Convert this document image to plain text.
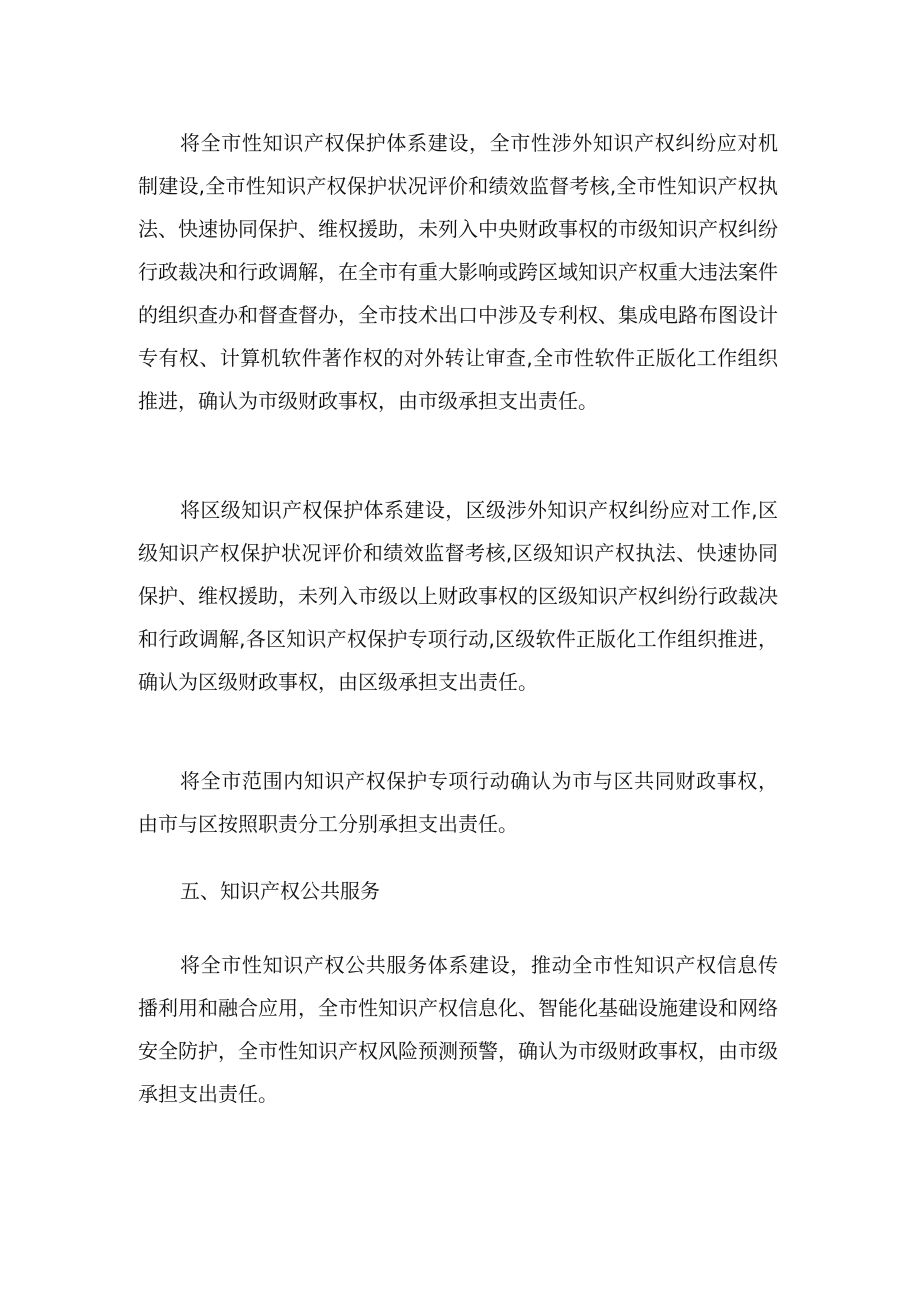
将全市性知识产权保护体系建设，全市性涉外知识产权纠纷应对机
制建设,全市性知识产权保护状况评价和绩效监督考核,全市性知识产权执
法、快速协同保护、维权援助，未列入中央财政事权的市级知识产权纠纷
行政裁决和行政调解，在全市有重大影响或跨区域知识产权重大违法案件
的组织查办和督查督办，全市技术出口中涉及专利权、集成电路布图设计
专有权、计算机软件著作权的对外转让审查,全市性软件正版化工作组织
推进，确认为市级财政事权，由市级承担支出责任。
将区级知识产权保护体系建设，区级涉外知识产权纠纷应对工作,区
级知识产权保护状况评价和绩效监督考核,区级知识产权执法、快速协同
保护、维权援助，未列入市级以上财政事权的区级知识产权纠纷行政裁决
和行政调解,各区知识产权保护专项行动,区级软件正版化工作组织推进，
确认为区级财政事权，由区级承担支出责任。
将全市范围内知识产权保护专项行动确认为市与区共同财政事权，
由市与区按照职责分工分别承担支出责任。
五、知识产权公共服务
将全市性知识产权公共服务体系建设，推动全市性知识产权信息传
播利用和融合应用，全市性知识产权信息化、智能化基础设施建设和网络
安全防护，全市性知识产权风险预测预警，确认为市级财政事权，由市级
承担支出责任。
